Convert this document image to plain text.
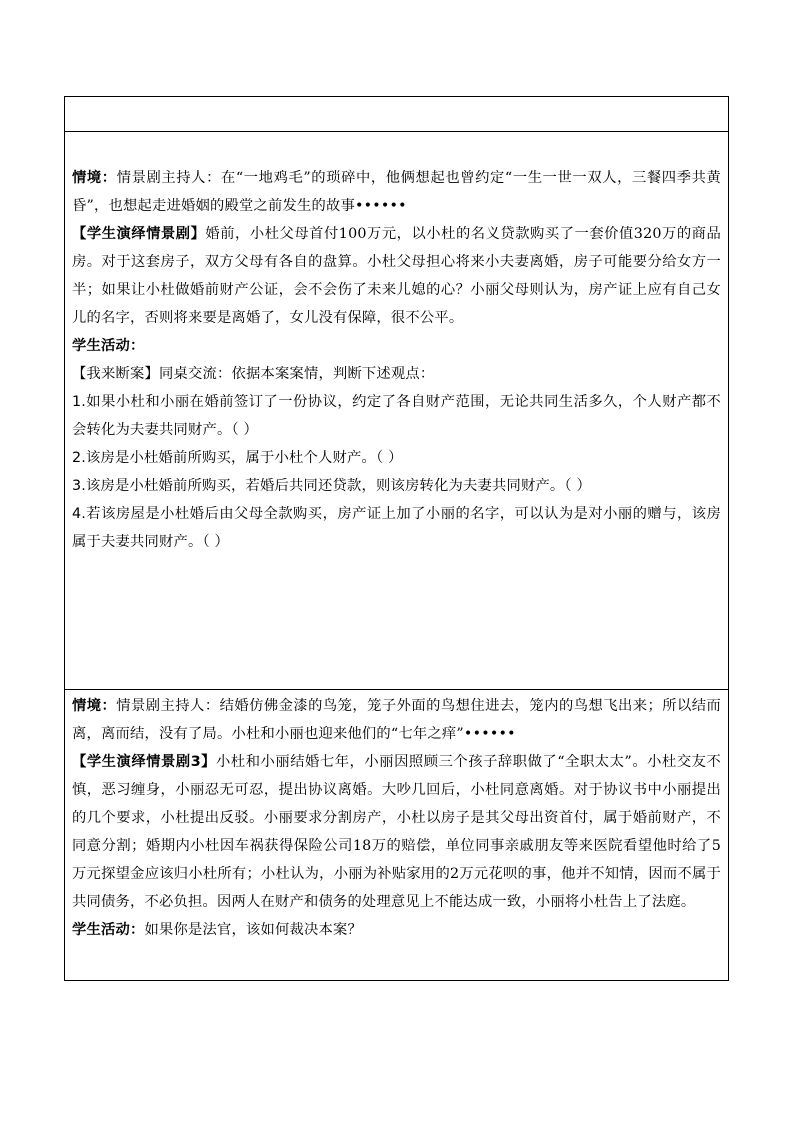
情境：情景剧主持人：在“一地鸡毛”的琐碎中，他俩想起也曾约定“一生一世一双人，三餐四季共黄昏”，也想起走进婚姻的殿堂之前发生的故事••••••

【学生演绎情景剧】婚前，小杜父母首付100万元，以小杜的名义贷款购买了一套价值320万的商品房。对于这套房子，双方父母有各自的盘算。小杜父母担心将来小夫妻离婚，房子可能要分给女方一半；如果让小杜做婚前财产公证，会不会伤了未来儿媳的心？小丽父母则认为，房产证上应有自己女儿的名字，否则将来要是离婚了，女儿没有保障，很不公平。

学生活动：

【我来断案】同桌交流：依据本案案情，判断下述观点：

1.如果小杜和小丽在婚前签订了一份协议，约定了各自财产范围，无论共同生活多久，个人财产都不会转化为夫妻共同财产。（ ）

2.该房是小杜婚前所购买，属于小杜个人财产。（ ）

3.该房是小杜婚前所购买，若婚后共同还贷款，则该房转化为夫妻共同财产。（ ）

4.若该房屋是小杜婚后由父母全款购买，房产证上加了小丽的名字，可以认为是对小丽的赠与，该房属于夫妻共同财产。（ ）

情境：情景剧主持人：结婚仿佛金漆的鸟笼，笼子外面的鸟想住进去，笼内的鸟想飞出来；所以结而离，离而结，没有了局。小杜和小丽也迎来他们的“七年之痒”••••••

【学生演绎情景剧3】小杜和小丽结婚七年，小丽因照顾三个孩子辞职做了“全职太太”。小杜交友不慎，恶习缠身，小丽忍无可忍，提出协议离婚。大吵几回后，小杜同意离婚。对于协议书中小丽提出的几个要求，小杜提出反驳。小丽要求分割房产，小杜以房子是其父母出资首付，属于婚前财产，不同意分割；婚期内小杜因车祸获得保险公司18万的赔偿，单位同事亲戚朋友等来医院看望他时给了5万元探望金应该归小杜所有；小杜认为，小丽为补贴家用的2万元花呗的事，他并不知情，因而不属于共同债务，不必负担。因两人在财产和债务的处理意见上不能达成一致，小丽将小杜告上了法庭。

学生活动：如果你是法官，该如何裁决本案？
